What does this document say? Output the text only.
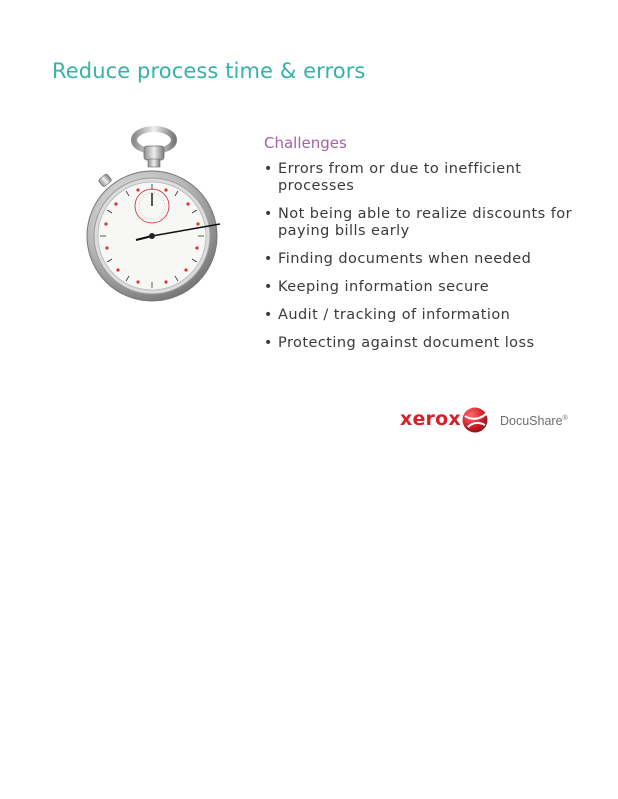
Reduce process time & errors
Challenges
• Errors from or due to inefficient
processes
• Not being able to realize discounts for
paying bills early
• Finding documents when needed
• Keeping information secure
• Audit / tracking of information
• Protecting against document loss
xerox	DocuShare®
